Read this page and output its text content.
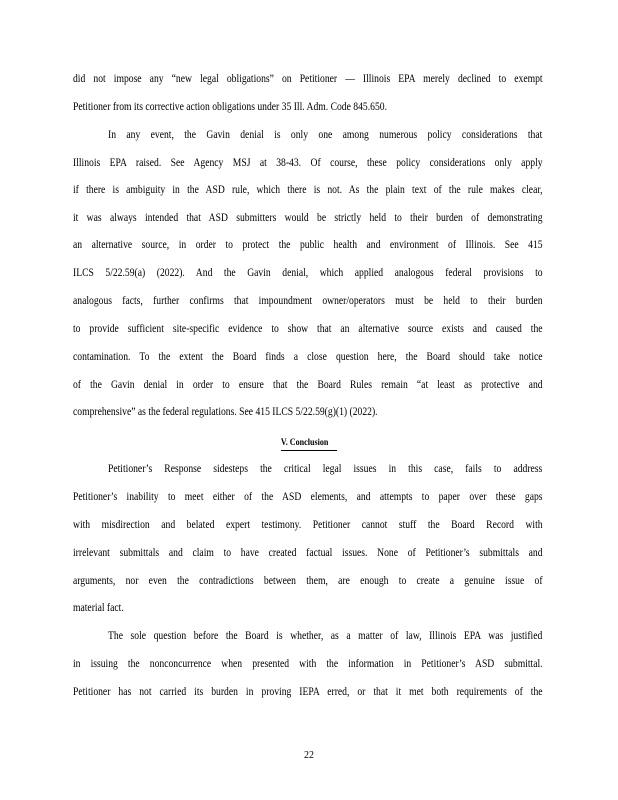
did not impose any “new legal obligations” on Petitioner — Illinois EPA merely declined to exempt
Petitioner from its corrective action obligations under 35 Ill. Adm. Code 845.650.
In any event, the Gavin denial is only one among numerous policy considerations that
Illinois EPA raised. See Agency MSJ at 38-43. Of course, these policy considerations only apply
if there is ambiguity in the ASD rule, which there is not. As the plain text of the rule makes clear,
it was always intended that ASD submitters would be strictly held to their burden of demonstrating
an alternative source, in order to protect the public health and environment of Illinois. See 415
ILCS 5/22.59(a) (2022). And the Gavin denial, which applied analogous federal provisions to
analogous facts, further confirms that impoundment owner/operators must be held to their burden
to provide sufficient site-specific evidence to show that an alternative source exists and caused the
contamination. To the extent the Board finds a close question here, the Board should take notice
of the Gavin denial in order to ensure that the Board Rules remain “at least as protective and
comprehensive” as the federal regulations. See 415 ILCS 5/22.59(g)(1) (2022).
V. Conclusion
Petitioner’s Response sidesteps the critical legal issues in this case, fails to address
Petitioner’s inability to meet either of the ASD elements, and attempts to paper over these gaps
with misdirection and belated expert testimony. Petitioner cannot stuff the Board Record with
irrelevant submittals and claim to have created factual issues. None of Petitioner’s submittals and
arguments, nor even the contradictions between them, are enough to create a genuine issue of
material fact.
The sole question before the Board is whether, as a matter of law, Illinois EPA was justified
in issuing the nonconcurrence when presented with the information in Petitioner’s ASD submittal.
Petitioner has not carried its burden in proving IEPA erred, or that it met both requirements of the
22
